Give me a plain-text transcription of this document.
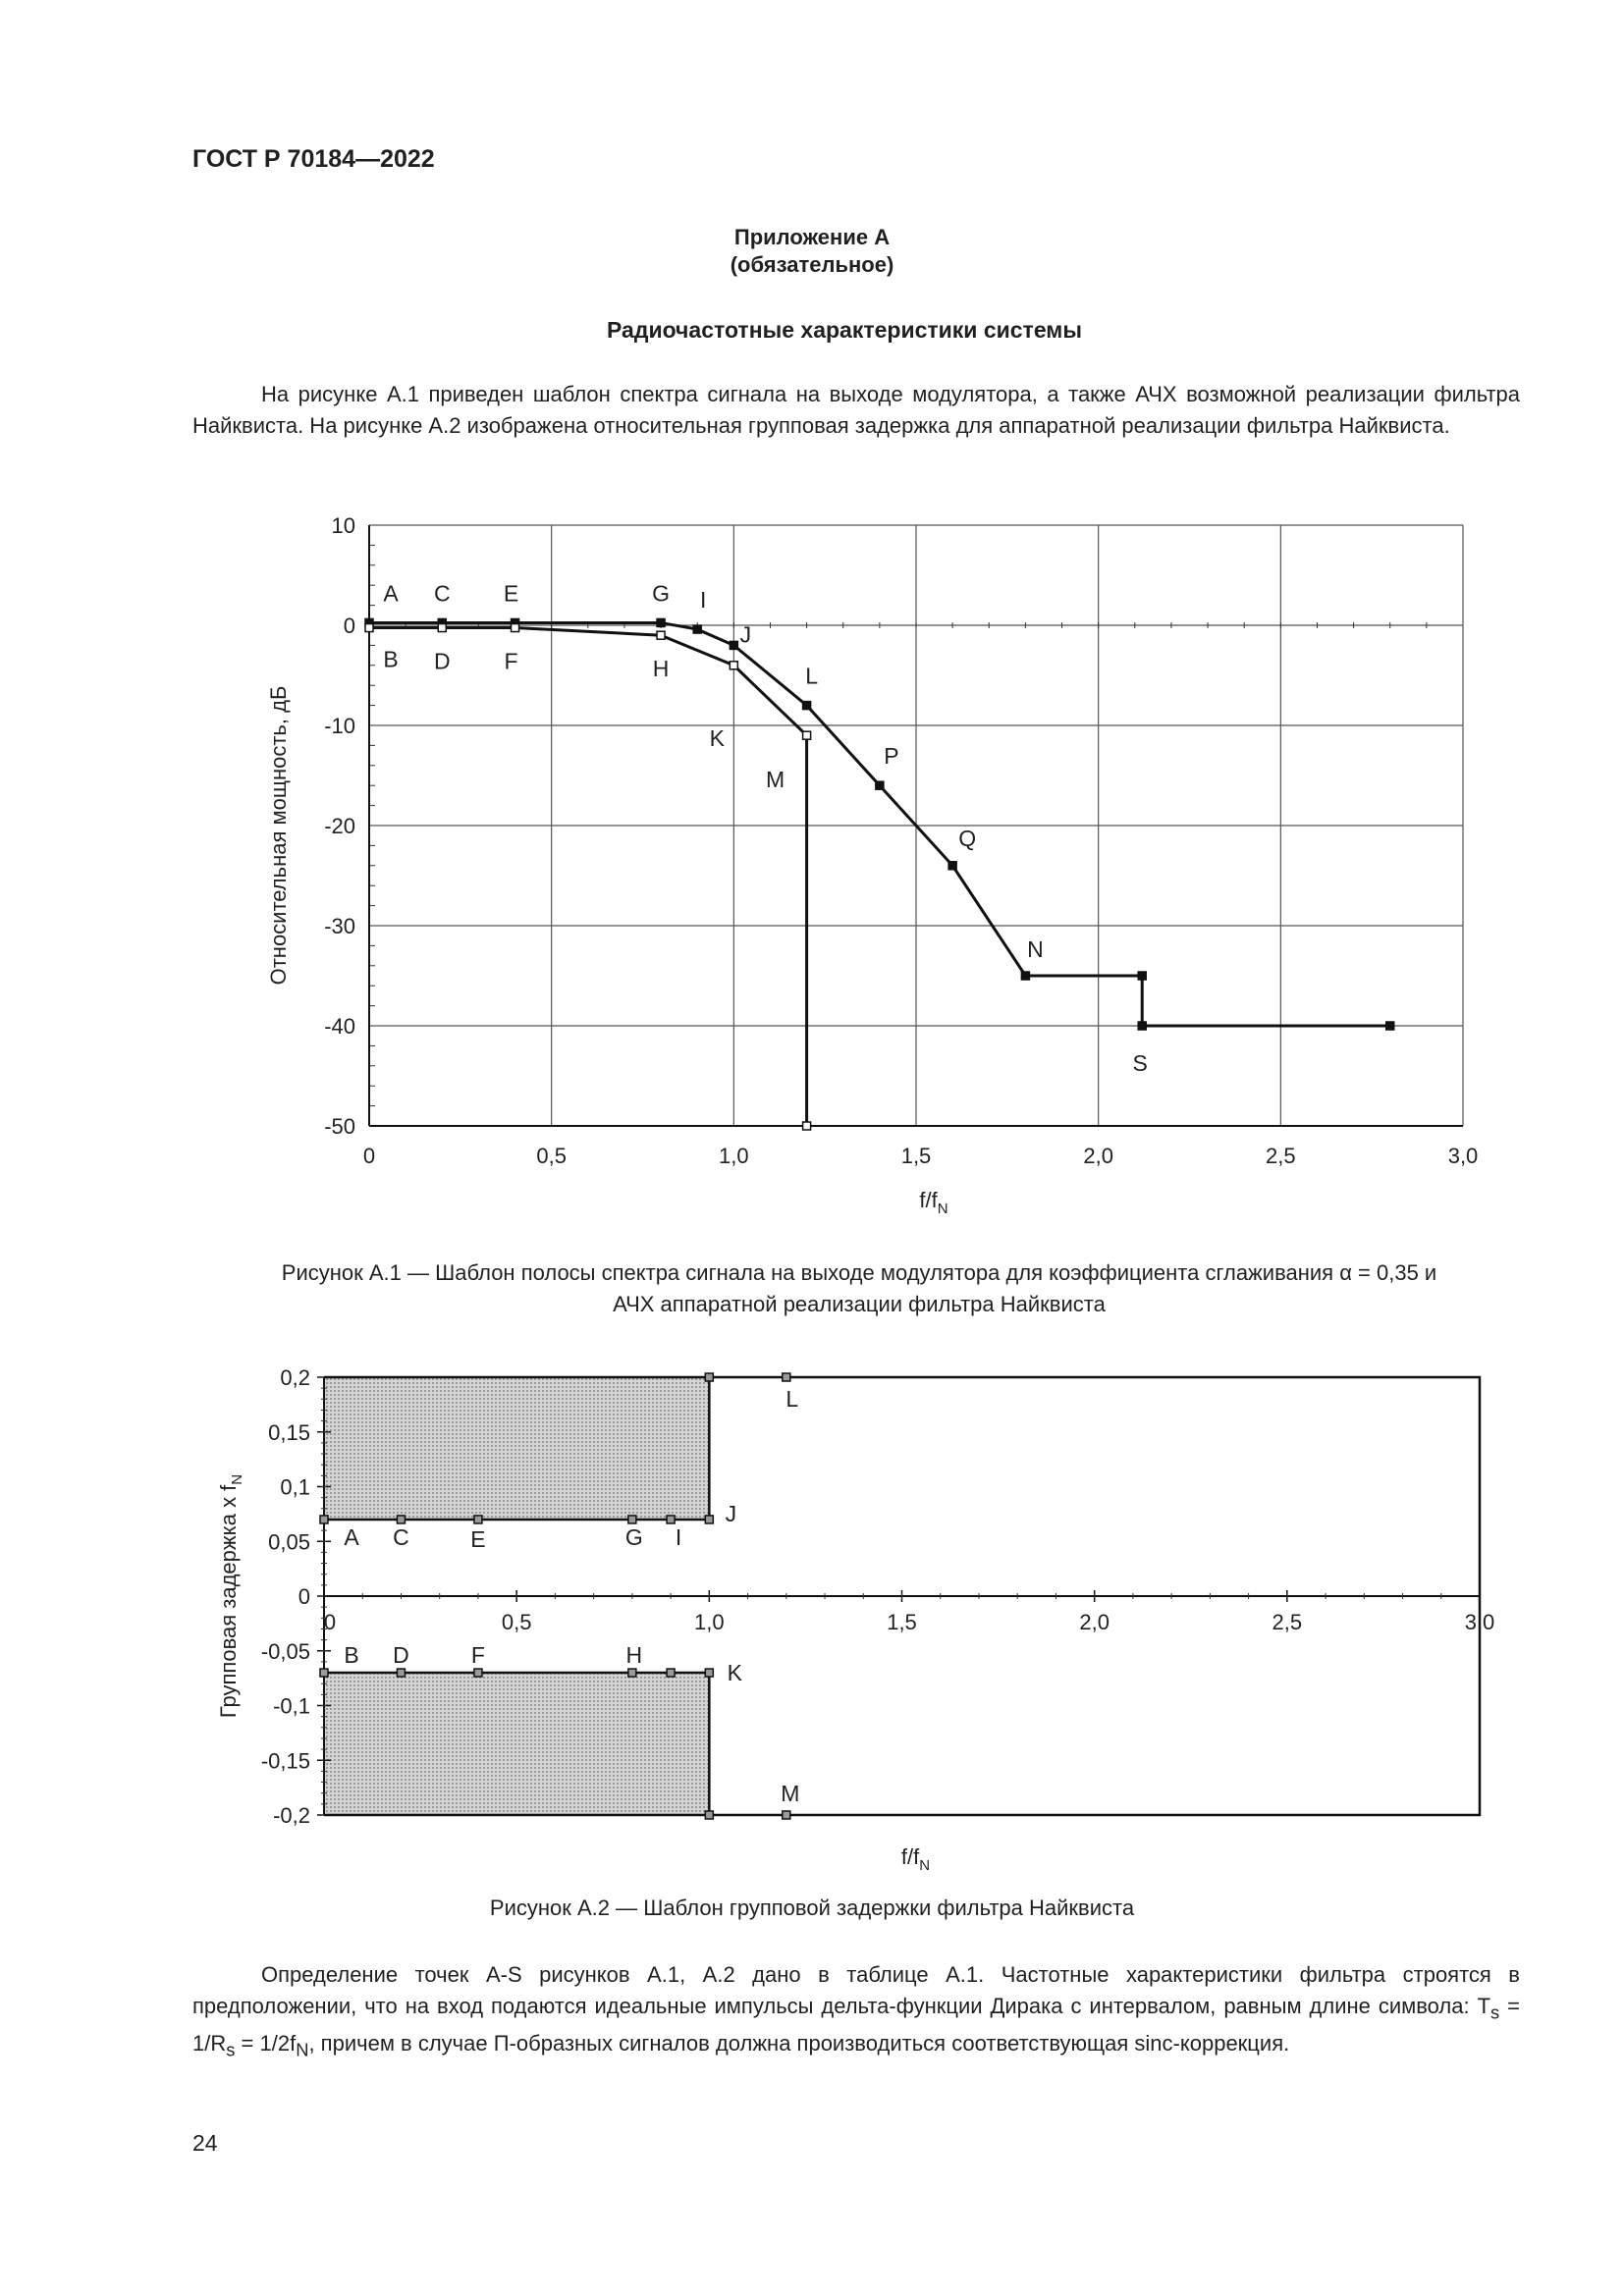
ГОСТ Р 70184—2022
Приложение А
(обязательное)
Радиочастотные характеристики системы
На рисунке А.1 приведен шаблон спектра сигнала на выходе модулятора, а также АЧХ возможной реализации фильтра Найквиста. На рисунке А.2 изображена относительная групповая задержка для аппаратной реализации фильтра Найквиста.
10
0
-10
-20
-30
-40
-50
0	0,5	1,0	1,5	2,0	2,5	3,0
$f/f_N$
Относительная мощность, дБ
A
B
C
D
E
F
G
H
I
J
K
L
M
P
Q
N
S
Рисунок А.1 — Шаблон полосы спектра сигнала на выходе модулятора для коэффициента сглаживания α = 0,35 и
АЧХ аппаратной реализации фильтра Найквиста
0,2
0,15
0,1
0,05
0
-0,05
-0,1
-0,15
-0,2
0	0,5	1,0	1,5	2,0	2,5	3,0
A C	E	G I
J
L
B D	F	H
K
M
$f/f_N$
Групповая задержка x $f_N$
Рисунок А.2 — Шаблон групповой задержки фильтра Найквиста
Определение точек А-S рисунков А.1, А.2 дано в таблице А.1. Частотные характеристики фильтра строятся в предположении, что на вход подаются идеальные импульсы дельта-функции Дирака с интервалом, равным длине символа: $T_s = 1/R_s = 1/2f_N$, причем в случае П-образных сигналов должна производиться соответствующая sinc-коррекция.
24
